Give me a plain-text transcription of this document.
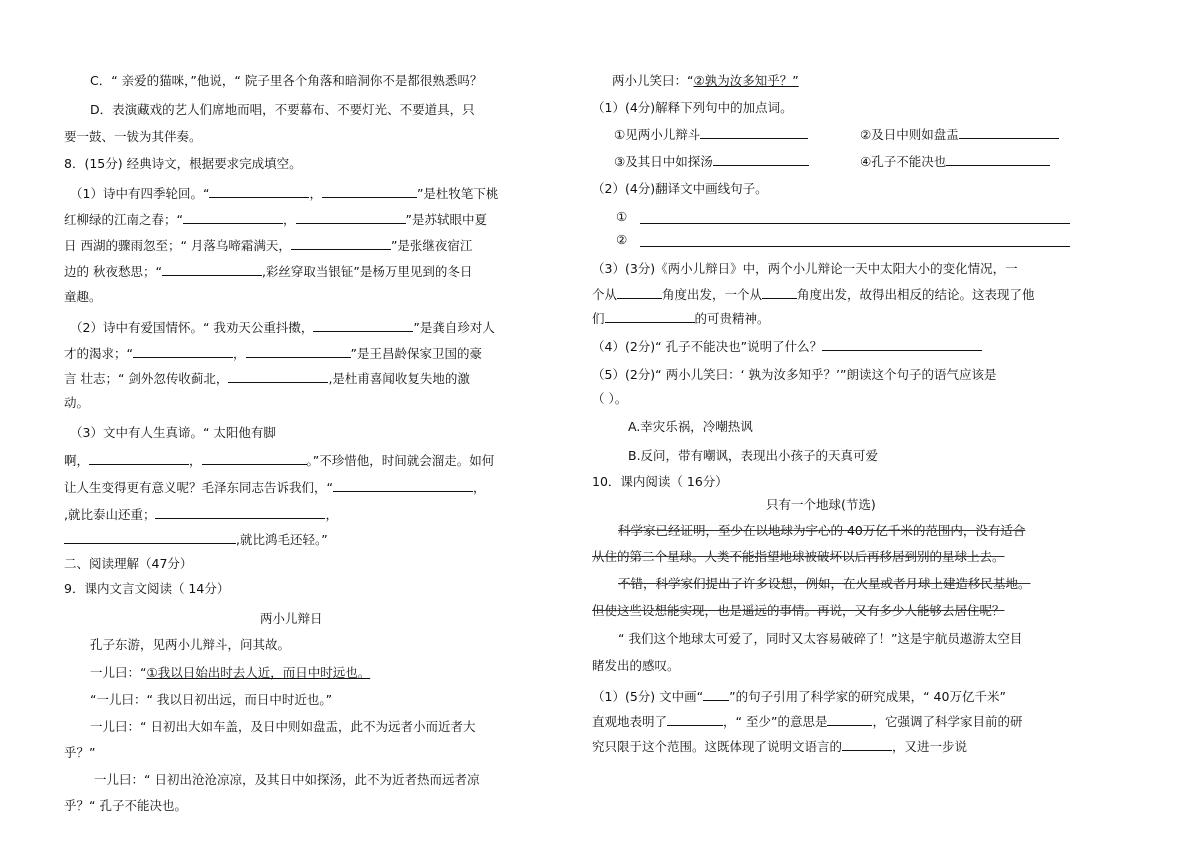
C．“ 亲爱的猫咪，”他说，“ 院子里各个角落和暗洞你不是都很熟悉吗？
D．表演藏戏的艺人们席地而唱，不要幕布、不要灯光、不要道具，只
要一鼓、一钹为其伴奏。
8．(15分) 经典诗文，根据要求完成填空。
（1）诗中有四季轮回。“	，	”是杜牧笔下桃
红柳绿的江南之春；“	，	”是苏轼眼中夏
日 西湖的骤雨忽至；“ 月落乌啼霜满天，	”是张继夜宿江
边的 秋夜愁思；“	,彩丝穿取当银钲”是杨万里见到的冬日
童趣。
（2）诗中有爱国情怀。“ 我劝天公重抖擞，	”是龚自珍对人
才的渴求；“	，	”是王昌龄保家卫国的豪
言 壮志；“ 剑外忽传收蓟北，	,是杜甫喜闻收复失地的激
动。
（3）文中有人生真谛。“ 太阳他有脚
啊，	，	。”不珍惜他，时间就会溜走。如何
让人生变得更有意义呢？毛泽东同志告诉我们，“	，
,就比泰山还重；	，
,就比鸿毛还轻。”
二、阅读理解（47分）
9．课内文言文阅读（ 14分）
两小儿辩日
孔子东游，见两小儿辩斗，问其故。
一儿曰：“①我以日始出时去人近，而日中时远也。
“一儿曰：“ 我以日初出远，而日中时近也。”
一儿曰：“ 日初出大如车盖，及日中则如盘盂，此不为远者小而近者大
乎？”
一儿曰：“ 日初出沧沧凉凉，及其日中如探汤，此不为近者热而远者凉
乎？“ 孔子不能决也。
两小儿笑曰：“②孰为汝多知乎？”
（1）(4分)解释下列句中的加点词。
①见两小儿辩斗	②及日中则如盘盂
③及其日中如探汤	④孔子不能决也
（2）(4分)翻译文中画线句子。
①
②
（3）(3分)《两小儿辩日》中，两个小儿辩论一天中太阳大小的变化情况，一
个从	角度出发，一个从	角度出发，故得出相反的结论。这表现了他
们	的可贵精神。
（4）(2分)“ 孔子不能决也”说明了什么？
（5）(2分)“ 两小儿笑曰：‘ 孰为汝多知乎？’”朗读这个句子的语气应该是
（ ）。
A.幸灾乐祸，冷嘲热讽
B.反问，带有嘲讽，表现出小孩子的天真可爱
10．课内阅读（ 16分）
只有一个地球(节选)
科学家已经证明，至少在以地球为宇心的 40万亿千米的范围内，没有适合
从住的第二个星球。人类不能指望地球被破坏以后再移居到别的星球上去。
不错，科学家们提出了许多设想，例如，在火星或者月球上建造移民基地。
但使这些设想能实现，也是遥远的事情。再说，又有多少人能够去居住呢？
“ 我们这个地球太可爱了，同时又太容易破碎了！”这是宇航员遨游太空目
睹发出的感叹。
（1）(5分) 文中画“ ”的句子引用了科学家的研究成果，“ 40万亿千米”
直观地表明了	，“ 至少”的意思是	，它强调了科学家目前的研
究只限于这个范围。这既体现了说明文语言的	，又进一步说
